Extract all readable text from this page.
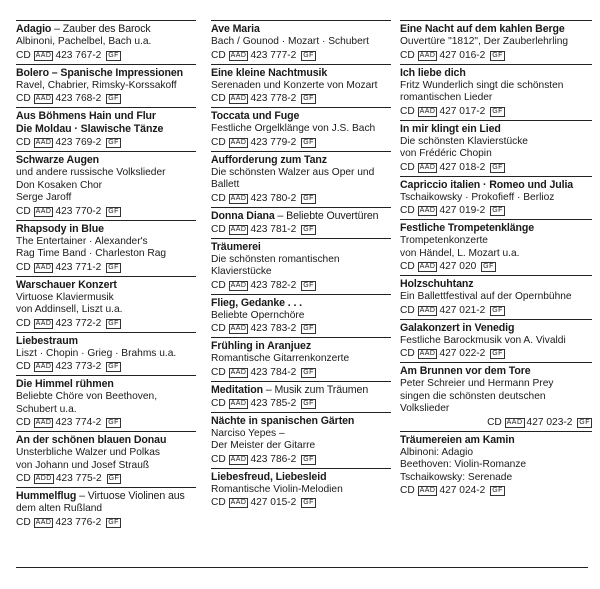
Adagio – Zauber des Barock
Albinoni, Pachelbel, Bach u.a.
CD AAD 423 767-2 GF
Bolero – Spanische Impressionen
Ravel, Chabrier, Rimsky-Korssakoff
CD AAD 423 768-2 GF
Aus Böhmens Hain und Flur
Die Moldau · Slawische Tänze
CD AAD 423 769-2 GF
Schwarze Augen
und andere russische Volkslieder
Don Kosaken Chor
Serge Jaroff
CD AAD 423 770-2 GF
Rhapsody in Blue
The Entertainer · Alexander's
Rag Time Band · Charleston Rag
CD AAD 423 771-2 GF
Warschauer Konzert
Virtuose Klaviermusik
von Addinsell, Liszt u.a.
CD AAD 423 772-2 GF
Liebestraum
Liszt · Chopin · Grieg · Brahms u.a.
CD AAD 423 773-2 GF
Die Himmel rühmen
Beliebte Chöre von Beethoven,
Schubert u.a.
CD AAD 423 774-2 GF
An der schönen blauen Donau
Unsterbliche Walzer und Polkas
von Johann und Josef Strauß
CD ADD 423 775-2 GF
Hummelflug – Virtuose Violinen aus
dem alten Rußland
CD AAD 423 776-2 GF
Ave Maria
Bach / Gounod · Mozart · Schubert
CD AAD 423 777-2 GF
Eine kleine Nachtmusik
Serenaden und Konzerte von Mozart
CD AAD 423 778-2 GF
Toccata und Fuge
Festliche Orgelklänge von J.S. Bach
CD AAD 423 779-2 GF
Aufforderung zum Tanz
Die schönsten Walzer aus Oper und
Ballett
CD AAD 423 780-2 GF
Donna Diana – Beliebte Ouvertüren
CD AAD 423 781-2 GF
Träumerei
Die schönsten romantischen
Klavierstücke
CD AAD 423 782-2 GF
Flieg, Gedanke . . .
Beliebte Opernchöre
CD AAD 423 783-2 GF
Frühling in Aranjuez
Romantische Gitarrenkonzerte
CD AAD 423 784-2 GF
Meditation – Musik zum Träumen
CD AAD 423 785-2 GF
Nächte in spanischen Gärten
Narciso Yepes –
Der Meister der Gitarre
CD AAD 423 786-2 GF
Liebesfreud, Liebesleid
Romantische Violin-Melodien
CD AAD 427 015-2 GF
Eine Nacht auf dem kahlen Berge
Ouvertüre "1812", Der Zauberlehrling
CD AAD 427 016-2 GF
Ich liebe dich
Fritz Wunderlich singt die schönsten
romantischen Lieder
CD AAD 427 017-2 GF
In mir klingt ein Lied
Die schönsten Klavierstücke
von Frédéric Chopin
CD AAD 427 018-2 GF
Capriccio italien · Romeo und Julia
Tschaikowsky · Prokofieff · Berlioz
CD AAD 427 019-2 GF
Festliche Trompetenklänge
Trompetenkonzerte
von Händel, L. Mozart u.a.
CD AAD 427 020 GF
Holzschuhtanz
Ein Ballettfestival auf der Opernbühne
CD AAD 427 021-2 GF
Galakonzert in Venedig
Festliche Barockmusik von A. Vivaldi
CD AAD 427 022-2 GF
Am Brunnen vor dem Tore
Peter Schreier und Hermann Prey
singen die schönsten deutschen
Volkslieder
CD AAD 427 023-2 GF
Träumereien am Kamin
Albinoni: Adagio
Beethoven: Violin-Romanze
Tschaikowsky: Serenade
CD AAD 427 024-2 GF
